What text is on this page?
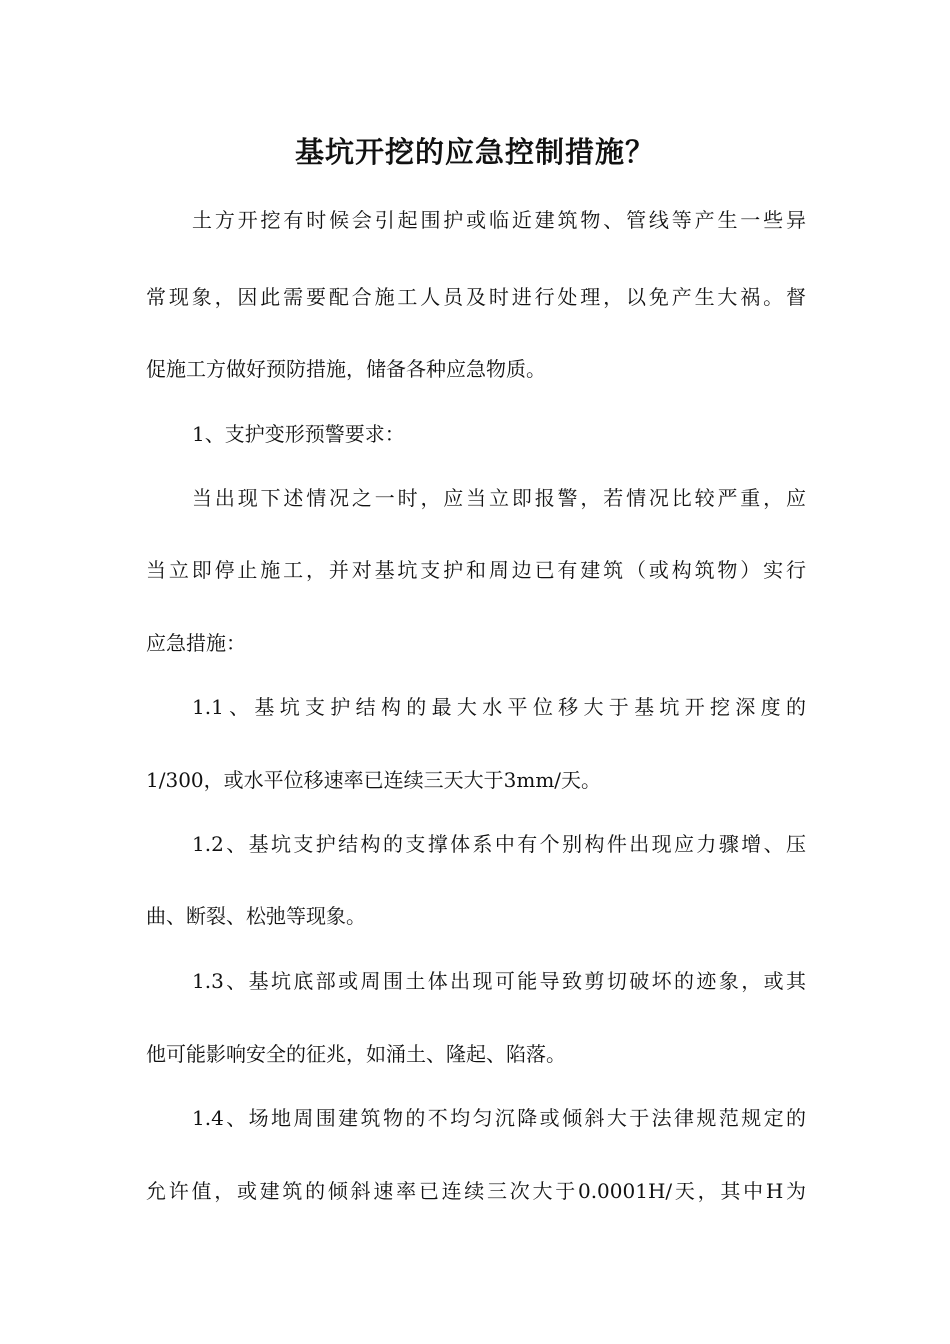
基坑开挖的应急控制措施？
土方开挖有时候会引起围护或临近建筑物、管线等产生一些异
常现象，因此需要配合施工人员及时进行处理，以免产生大祸。督
促施工方做好预防措施，储备各种应急物质。
1、支护变形预警要求：
当出现下述情况之一时，应当立即报警，若情况比较严重，应
当立即停止施工，并对基坑支护和周边已有建筑（或构筑物）实行
应急措施：
1.1、基坑支护结构的最大水平位移大于基坑开挖深度的
1/300，或水平位移速率已连续三天大于3mm/天。
1.2、基坑支护结构的支撑体系中有个别构件出现应力骤增、压
曲、断裂、松弛等现象。
1.3、基坑底部或周围土体出现可能导致剪切破坏的迹象，或其
他可能影响安全的征兆，如涌土、隆起、陷落。
1.4、场地周围建筑物的不均匀沉降或倾斜大于法律规范规定的
允许值，或建筑的倾斜速率已连续三次大于0.0001H/天，其中H为
